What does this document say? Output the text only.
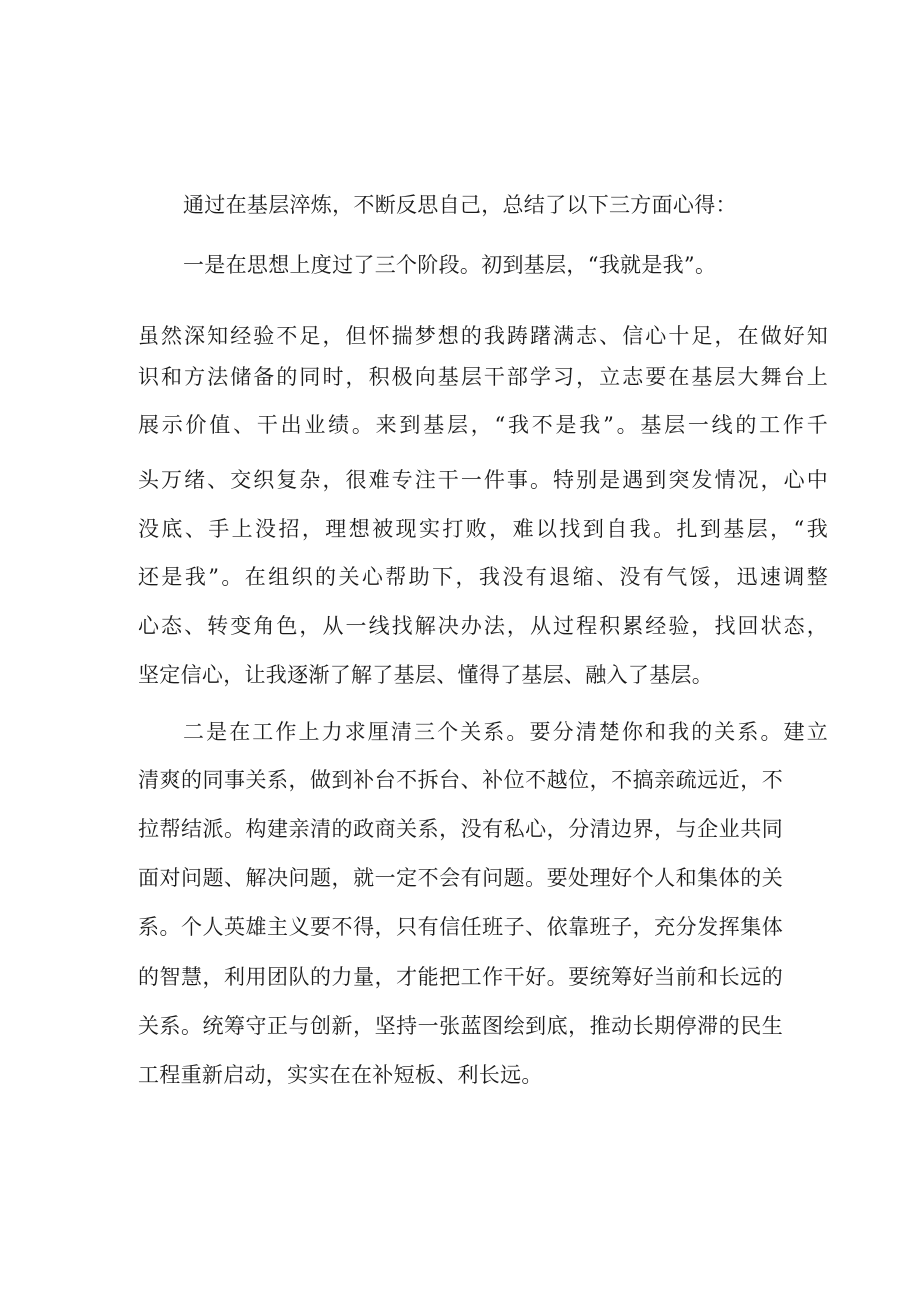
通过在基层淬炼，不断反思自己，总结了以下三方面心得：
一是在思想上度过了三个阶段。初到基层，“我就是我”。
虽然深知经验不足，但怀揣梦想的我踌躇满志、信心十足，在做好知
识和方法储备的同时，积极向基层干部学习，立志要在基层大舞台上
展示价值、干出业绩。来到基层，“我不是我”。基层一线的工作千
头万绪、交织复杂，很难专注干一件事。特别是遇到突发情况，心中
没底、手上没招，理想被现实打败，难以找到自我。扎到基层，“我
还是我”。在组织的关心帮助下，我没有退缩、没有气馁，迅速调整
心态、转变角色，从一线找解决办法，从过程积累经验，找回状态，
坚定信心，让我逐渐了解了基层、懂得了基层、融入了基层。
二是在工作上力求厘清三个关系。要分清楚你和我的关系。建立
清爽的同事关系，做到补台不拆台、补位不越位，不搞亲疏远近，不
拉帮结派。构建亲清的政商关系，没有私心，分清边界，与企业共同
面对问题、解决问题，就一定不会有问题。要处理好个人和集体的关
系。个人英雄主义要不得，只有信任班子、依靠班子，充分发挥集体
的智慧，利用团队的力量，才能把工作干好。要统筹好当前和长远的
关系。统筹守正与创新，坚持一张蓝图绘到底，推动长期停滞的民生
工程重新启动，实实在在补短板、利长远。
